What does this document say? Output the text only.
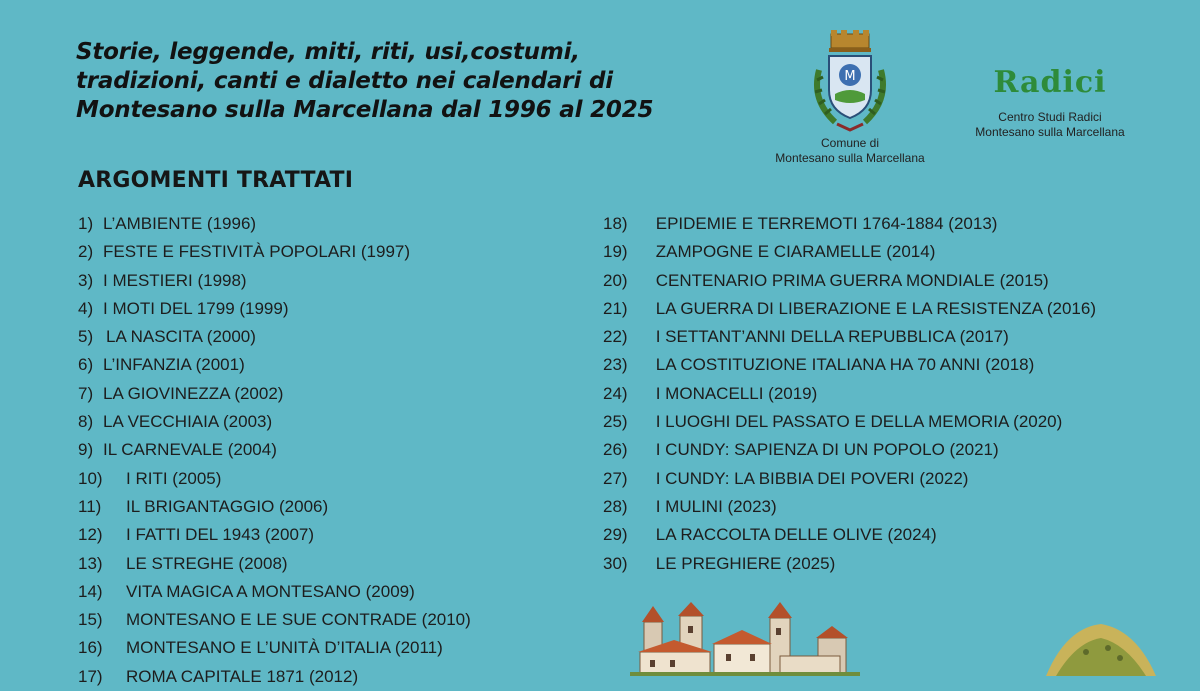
Storie, leggende, miti, riti, usi,costumi,
tradizioni, canti e dialetto nei calendari di
Montesano sulla Marcellana dal 1996 al 2025
M
Comune di
Montesano sulla Marcellana
Radici
Centro Studi Radici
Montesano sulla Marcellana
ARGOMENTI TRATTATI
1) L’AMBIENTE (1996)
2) FESTE E FESTIVITÀ POPOLARI (1997)
3) I MESTIERI (1998)
4) I MOTI DEL 1799 (1999)
5) LA NASCITA (2000)
6) L’INFANZIA (2001)
7) LA GIOVINEZZA (2002)
8) LA VECCHIAIA (2003)
9) IL CARNEVALE (2004)
10) I RITI (2005)
11) IL BRIGANTAGGIO (2006)
12) I FATTI DEL 1943 (2007)
13) LE STREGHE (2008)
14) VITA MAGICA A MONTESANO (2009)
15) MONTESANO E LE SUE CONTRADE (2010)
16) MONTESANO E L’UNITÀ D’ITALIA (2011)
17) ROMA CAPITALE 1871 (2012)
18) EPIDEMIE E TERREMOTI 1764-1884 (2013)
19) ZAMPOGNE E CIARAMELLE (2014)
20) CENTENARIO PRIMA GUERRA MONDIALE (2015)
21) LA GUERRA DI LIBERAZIONE E LA RESISTENZA (2016)
22) I SETTANT’ANNI DELLA REPUBBLICA (2017)
23) LA COSTITUZIONE ITALIANA HA 70 ANNI (2018)
24) I MONACELLI (2019)
25) I LUOGHI DEL PASSATO E DELLA MEMORIA (2020)
26) I CUNDY: SAPIENZA DI UN POPOLO (2021)
27) I CUNDY: LA BIBBIA DEI POVERI (2022)
28) I MULINI (2023)
29) LA RACCOLTA DELLE OLIVE (2024)
30) LE PREGHIERE (2025)
